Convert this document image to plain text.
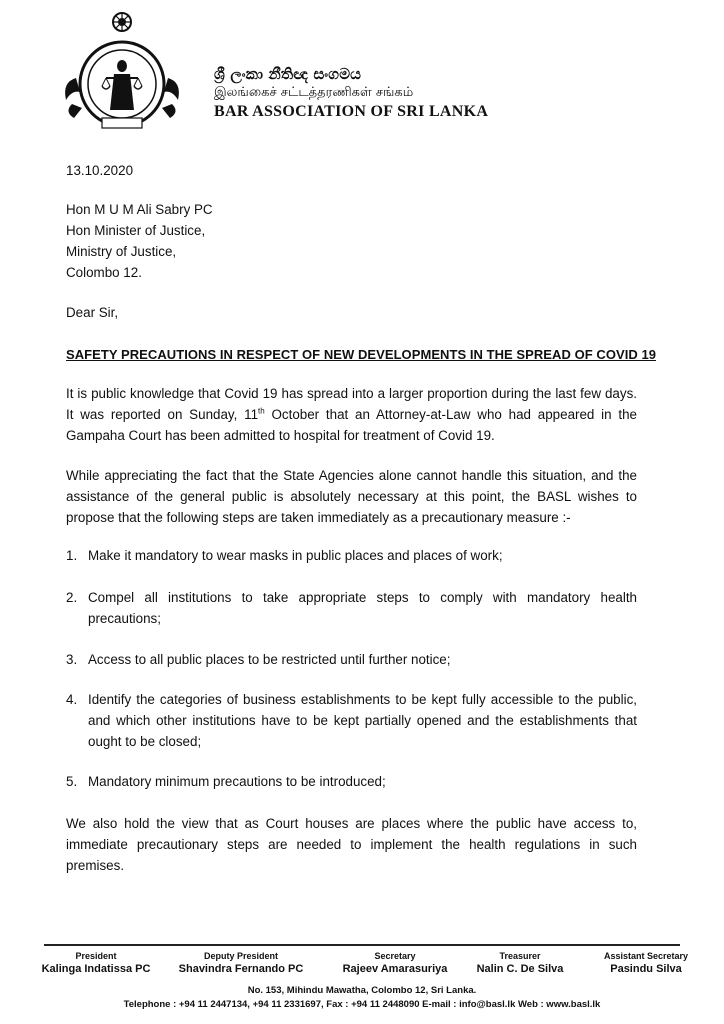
ශ්‍රී ලංකා නීතිඥ සංගමය
இலங்கைச் சட்டத்தரணிகள் சங்கம்
BAR ASSOCIATION OF SRI LANKA
13.10.2020
Hon M U M Ali Sabry PC
Hon Minister of Justice,
Ministry of Justice,
Colombo 12.
Dear Sir,
SAFETY PRECAUTIONS IN RESPECT OF NEW DEVELOPMENTS IN THE SPREAD OF COVID 19
It is public knowledge that Covid 19 has spread into a larger proportion during the last few days. It was reported on Sunday, 11th October that an Attorney-at-Law who had appeared in the Gampaha Court has been admitted to hospital for treatment of Covid 19.
While appreciating the fact that the State Agencies alone cannot handle this situation, and the assistance of the general public is absolutely necessary at this point, the BASL wishes to propose that the following steps are taken immediately as a precautionary measure :-
1. Make it mandatory to wear masks in public places and places of work;
2. Compel all institutions to take appropriate steps to comply with mandatory health precautions;
3. Access to all public places to be restricted until further notice;
4. Identify the categories of business establishments to be kept fully accessible to the public, and which other institutions have to be kept partially opened and the establishments that ought to be closed;
5. Mandatory minimum precautions to be introduced;
We also hold the view that as Court houses are places where the public have access to, immediate precautionary steps are needed to implement the health regulations in such premises.
President
Kalinga Indatissa PC
Deputy President
Shavindra Fernando PC
Secretary
Rajeev Amarasuriya
Treasurer
Nalin C. De Silva
Assistant Secretary
Pasindu Silva
No. 153, Mihindu Mawatha, Colombo 12, Sri Lanka.
Telephone : +94 11 2447134, +94 11 2331697, Fax : +94 11 2448090 E-mail : info@basl.lk Web : www.basl.lk
